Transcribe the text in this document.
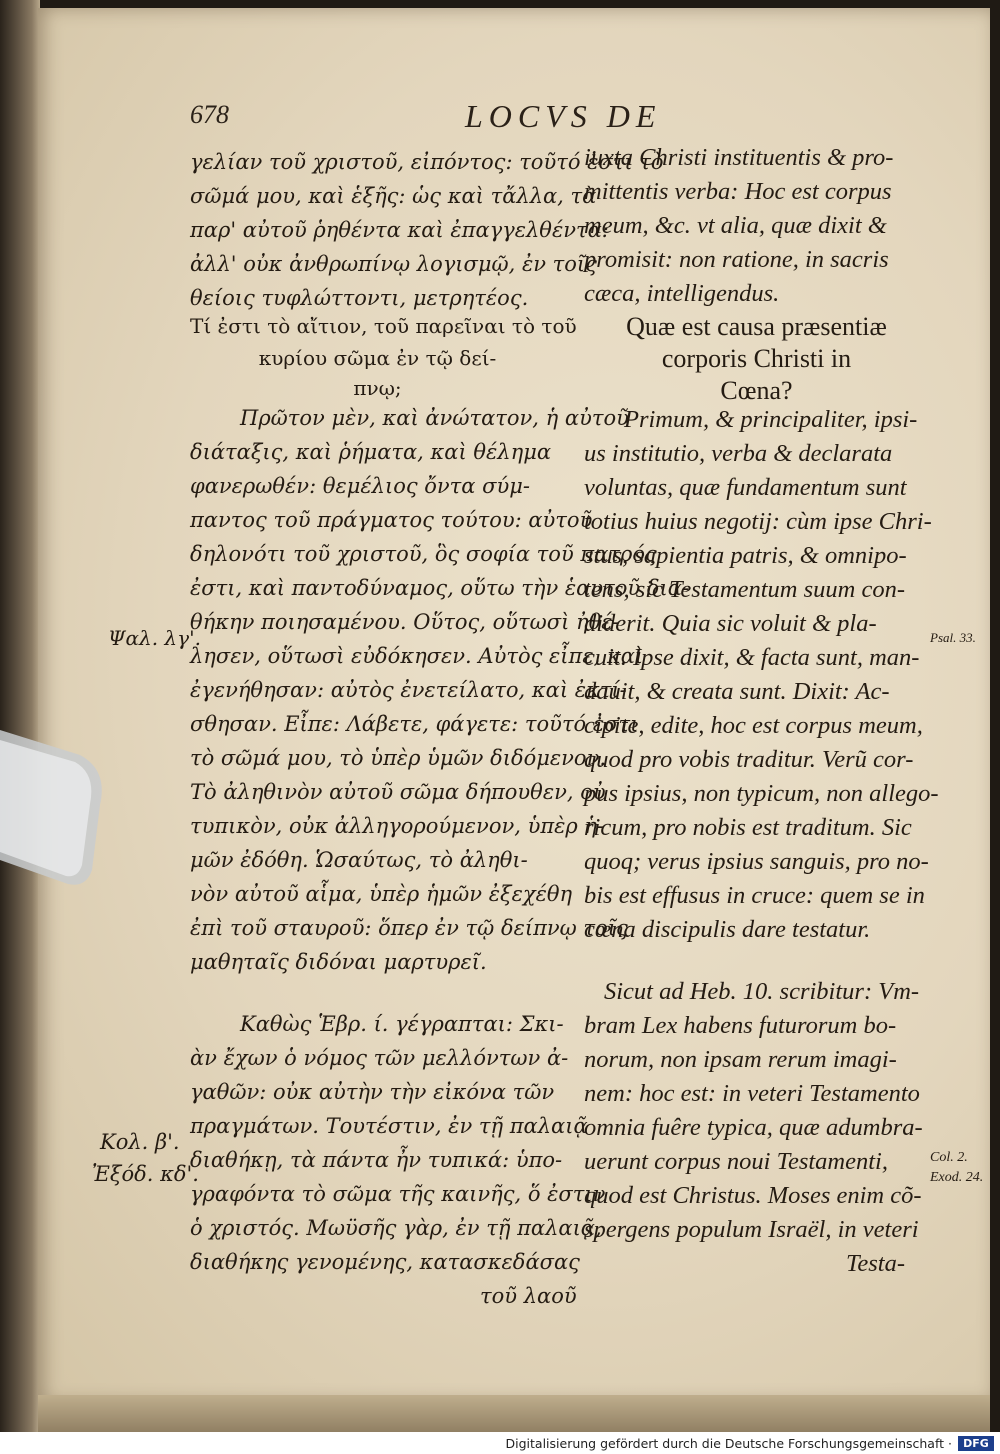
678	LOCVS DE
γελίαν τοῦ χριστοῦ, εἰπόντος: τοῦτό ἐστι τὸ
σῶμά μου, καὶ ἑξῆς: ὡς καὶ τἄλλα, τὰ
παρ' αὐτοῦ ῥηθέντα καὶ ἐπαγγελθέντα:
ἀλλ' οὐκ ἀνθρωπίνῳ λογισμῷ, ἐν τοῖς
θείοις τυφλώττοντι, μετρητέος.
Τί ἐστι τὸ αἴτιον, τοῦ παρεῖναι τὸ τοῦ
κυρίου σῶμα ἐν τῷ δεί-
πνῳ;
Πρῶτον μὲν, καὶ ἀνώτατον, ἡ αὐτοῦ
διάταξις, καὶ ῥήματα, καὶ θέλημα
φανερωθέν: θεμέλιος ὄντα σύμ-
παντος τοῦ πράγματος τούτου: αὐτοῦ
δηλονότι τοῦ χριστοῦ, ὃς σοφία τοῦ πατρός
ἐστι, καὶ παντοδύναμος, οὕτω τὴν ἑαυτοῦ δια-
θήκην ποιησαμένου. Οὕτος, οὕτωσὶ ἠθέ-
λησεν, οὕτωσὶ εὐδόκησεν. Αὐτὸς εἶπε, καὶ
ἐγενήθησαν: αὐτὸς ἐνετείλατο, καὶ ἐκτί-
σθησαν. Εἶπε: Λάβετε, φάγετε: τοῦτό ἐστι
τὸ σῶμά μου, τὸ ὑπὲρ ὑμῶν διδόμενον.
Τὸ ἀληθινὸν αὐτοῦ σῶμα δήπουθεν, οὐ
τυπικὸν, οὐκ ἀλληγορούμενον, ὑπὲρ ἡ-
μῶν ἐδόθη. Ὡσαύτως, τὸ ἀληθι-
νὸν αὐτοῦ αἷμα, ὑπὲρ ἡμῶν ἐξεχέθη
ἐπὶ τοῦ σταυροῦ: ὅπερ ἐν τῷ δείπνῳ τοῖς
μαθηταῖς διδόναι μαρτυρεῖ.
Καθὼς Ἑβρ. ί. γέγραπται: Σκι-
ὰν ἔχων ὁ νόμος τῶν μελλόντων ἀ-
γαθῶν: οὐκ αὐτὴν τὴν εἰκόνα τῶν
πραγμάτων. Τουτέστιν, ἐν τῇ παλαιᾷ
διαθήκῃ, τὰ πάντα ἦν τυπικά: ὑπο-
γραφόντα τὸ σῶμα τῆς καινῆς, ὅ ἐστιν
ὁ χριστός. Μωϋσῆς γὰρ, ἐν τῇ παλαιᾷ,
διαθήκης γενομένης, κατασκεδάσας
τοῦ λαοῦ
iuxta Christi instituentis & pro-
mittentis verba: Hoc est corpus
meum, &c. vt alia, quæ dixit &
promisit: non ratione, in sacris
cæca, intelligendus.
Quæ est causa præsentiæ
corporis Christi in
Cœna?
Primum, & principaliter, ipsi-
us institutio, verba & declarata
voluntas, quæ fundamentum sunt
totius huius negotij: cùm ipse Chri-
stus, sapientia patris, & omnipo-
tens, sic Testamentum suum con-
diderit. Quia sic voluit & pla-
cuit. Ipse dixit, & facta sunt, man-
dauit, & creata sunt. Dixit: Ac-
cipite, edite, hoc est corpus meum,
quod pro vobis traditur. Verũ cor-
pus ipsius, non typicum, non allego-
ricum, pro nobis est traditum. Sic
quoq; verus ipsius sanguis, pro no-
bis est effusus in cruce: quem se in
cœna discipulis dare testatur.
Sicut ad Heb. 10. scribitur: Vm-
bram Lex habens futurorum bo-
norum, non ipsam rerum imagi-
nem: hoc est: in veteri Testamento
omnia fuêre typica, quæ adumbra-
uerunt corpus noui Testamenti,
quod est Christus. Moses enim cõ-
spergens populum Israël, in veteri
Testa-
Ψαλ. λγ'.
Κολ. β'.
Ἐξόδ. κδ'.
Psal. 33.
Col. 2.
Exod. 24.
Digitalisierung gefördert durch die Deutsche Forschungsgemeinschaft ·	DFG
